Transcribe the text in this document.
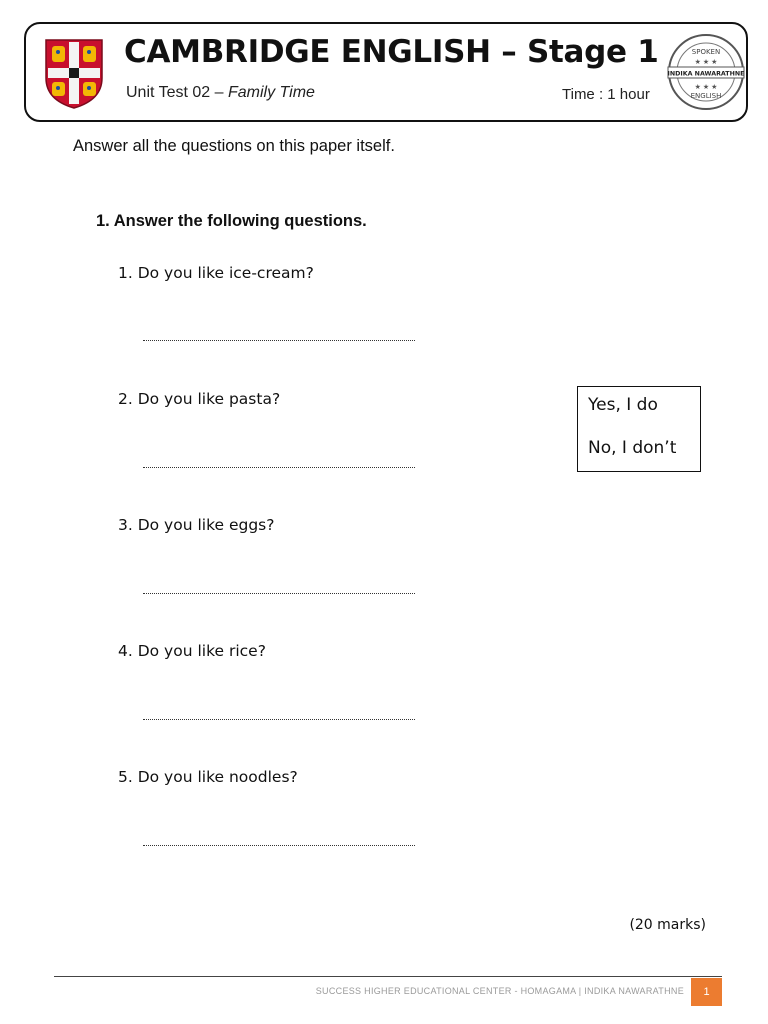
CAMBRIDGE ENGLISH – Stage 1
Unit Test 02 – Family Time	Time : 1 hour
SPOKEN
★ ★ ★
INDIKA NAWARATHNE
★ ★ ★
ENGLISH
Answer all the questions on this paper itself.
1. Answer the following questions.
1. Do you like ice-cream?
2. Do you like pasta?
3. Do you like eggs?
4. Do you like rice?
5. Do you like noodles?
Yes, I do
No, I don’t
(20 marks)
SUCCESS HIGHER EDUCATIONAL CENTER - HOMAGAMA | INDIKA NAWARATHNE	1
